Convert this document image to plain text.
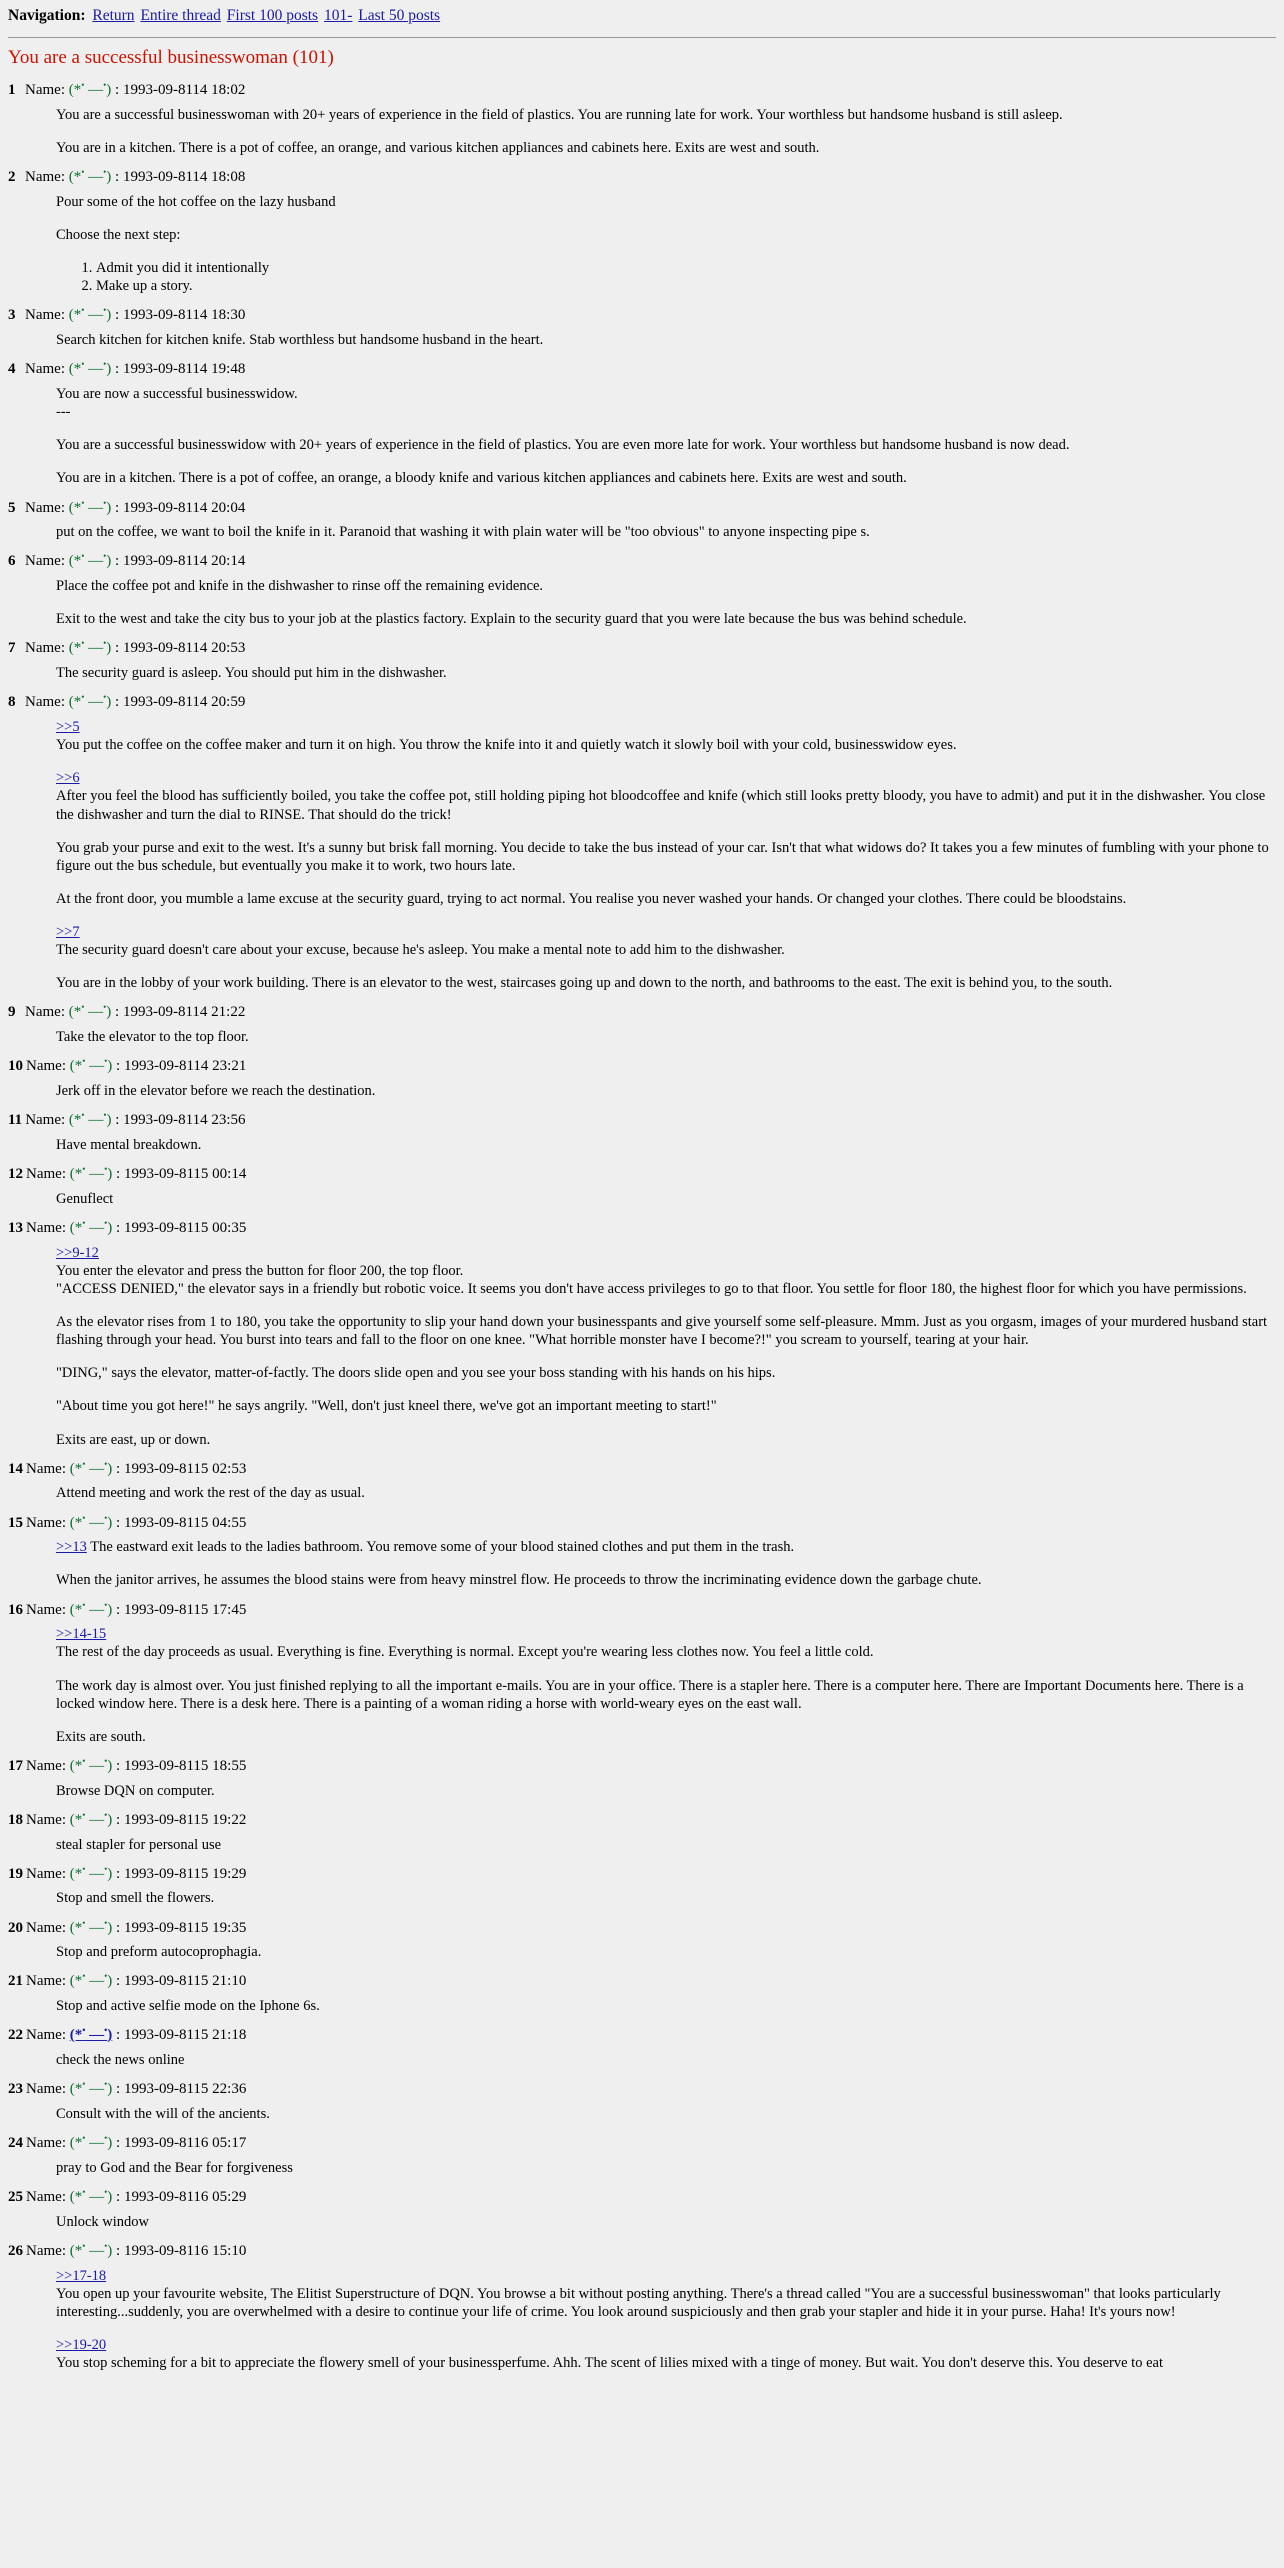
Navigation: Return Entire thread First 100 posts 101- Last 50 posts
You are a successful businesswoman (101)
1 Name: (*• —•) : 1993-09-8114 18:02
You are a successful businesswoman with 20+ years of experience in the field of plastics. You are running late for work. Your worthless but handsome husband is still asleep.
You are in a kitchen. There is a pot of coffee, an orange, and various kitchen appliances and cabinets here. Exits are west and south.
2 Name: (*• —•) : 1993-09-8114 18:08
Pour some of the hot coffee on the lazy husband
Choose the next step:
1. Admit you did it intentionally
2. Make up a story.
3 Name: (*• —•) : 1993-09-8114 18:30
Search kitchen for kitchen knife. Stab worthless but handsome husband in the heart.
4 Name: (*• —•) : 1993-09-8114 19:48
You are now a successful businesswidow.
---
You are a successful businesswidow with 20+ years of experience in the field of plastics. You are even more late for work. Your worthless but handsome husband is now dead.
You are in a kitchen. There is a pot of coffee, an orange, a bloody knife and various kitchen appliances and cabinets here. Exits are west and south.
5 Name: (*• —•) : 1993-09-8114 20:04
put on the coffee, we want to boil the knife in it. Paranoid that washing it with plain water will be "too obvious" to anyone inspecting pipe s.
6 Name: (*• —•) : 1993-09-8114 20:14
Place the coffee pot and knife in the dishwasher to rinse off the remaining evidence.
Exit to the west and take the city bus to your job at the plastics factory. Explain to the security guard that you were late because the bus was behind schedule.
7 Name: (*• —•) : 1993-09-8114 20:53
The security guard is asleep. You should put him in the dishwasher.
8 Name: (*• —•) : 1993-09-8114 20:59
>>5
You put the coffee on the coffee maker and turn it on high. You throw the knife into it and quietly watch it slowly boil with your cold, businesswidow eyes.
>>6
After you feel the blood has sufficiently boiled, you take the coffee pot, still holding piping hot bloodcoffee and knife (which still looks pretty bloody, you have to admit) and put it in the dishwasher. You close the dishwasher and turn the dial to RINSE. That should do the trick!
You grab your purse and exit to the west. It's a sunny but brisk fall morning. You decide to take the bus instead of your car. Isn't that what widows do? It takes you a few minutes of fumbling with your phone to figure out the bus schedule, but eventually you make it to work, two hours late.
At the front door, you mumble a lame excuse at the security guard, trying to act normal. You realise you never washed your hands. Or changed your clothes. There could be bloodstains.
>>7
The security guard doesn't care about your excuse, because he's asleep. You make a mental note to add him to the dishwasher.
You are in the lobby of your work building. There is an elevator to the west, staircases going up and down to the north, and bathrooms to the east. The exit is behind you, to the south.
9 Name: (*• —•) : 1993-09-8114 21:22
Take the elevator to the top floor.
10 Name: (*• —•) : 1993-09-8114 23:21
Jerk off in the elevator before we reach the destination.
11 Name: (*• —•) : 1993-09-8114 23:56
Have mental breakdown.
12 Name: (*• —•) : 1993-09-8115 00:14
Genuflect
13 Name: (*• —•) : 1993-09-8115 00:35
>>9-12
You enter the elevator and press the button for floor 200, the top floor.
"ACCESS DENIED," the elevator says in a friendly but robotic voice. It seems you don't have access privileges to go to that floor. You settle for floor 180, the highest floor for which you have permissions.
As the elevator rises from 1 to 180, you take the opportunity to slip your hand down your businesspants and give yourself some self-pleasure. Mmm. Just as you orgasm, images of your murdered husband start flashing through your head. You burst into tears and fall to the floor on one knee. "What horrible monster have I become?!" you scream to yourself, tearing at your hair.
"DING," says the elevator, matter-of-factly. The doors slide open and you see your boss standing with his hands on his hips.
"About time you got here!" he says angrily. "Well, don't just kneel there, we've got an important meeting to start!"
Exits are east, up or down.
14 Name: (*• —•) : 1993-09-8115 02:53
Attend meeting and work the rest of the day as usual.
15 Name: (*• —•) : 1993-09-8115 04:55
>>13 The eastward exit leads to the ladies bathroom. You remove some of your blood stained clothes and put them in the trash.
When the janitor arrives, he assumes the blood stains were from heavy minstrel flow. He proceeds to throw the incriminating evidence down the garbage chute.
16 Name: (*• —•) : 1993-09-8115 17:45
>>14-15
The rest of the day proceeds as usual. Everything is fine. Everything is normal. Except you're wearing less clothes now. You feel a little cold.
The work day is almost over. You just finished replying to all the important e-mails. You are in your office. There is a stapler here. There is a computer here. There are Important Documents here. There is a locked window here. There is a desk here. There is a painting of a woman riding a horse with world-weary eyes on the east wall.
Exits are south.
17 Name: (*• —•) : 1993-09-8115 18:55
Browse DQN on computer.
18 Name: (*• —•) : 1993-09-8115 19:22
steal stapler for personal use
19 Name: (*• —•) : 1993-09-8115 19:29
Stop and smell the flowers.
20 Name: (*• —•) : 1993-09-8115 19:35
Stop and preform autocoprophagia.
21 Name: (*• —•) : 1993-09-8115 21:10
Stop and active selfie mode on the Iphone 6s.
22 Name: (*• —•) : 1993-09-8115 21:18
check the news online
23 Name: (*• —•) : 1993-09-8115 22:36
Consult with the will of the ancients.
24 Name: (*• —•) : 1993-09-8116 05:17
pray to God and the Bear for forgiveness
25 Name: (*• —•) : 1993-09-8116 05:29
Unlock window
26 Name: (*• —•) : 1993-09-8116 15:10
>>17-18
You open up your favourite website, The Elitist Superstructure of DQN. You browse a bit without posting anything. There's a thread called "You are a successful businesswoman" that looks particularly interesting...suddenly, you are overwhelmed with a desire to continue your life of crime. You look around suspiciously and then grab your stapler and hide it in your purse. Haha! It's yours now!
>>19-20
You stop scheming for a bit to appreciate the flowery smell of your businessperfume. Ahh. The scent of lilies mixed with a tinge of money. But wait. You don't deserve this. You deserve to eat
